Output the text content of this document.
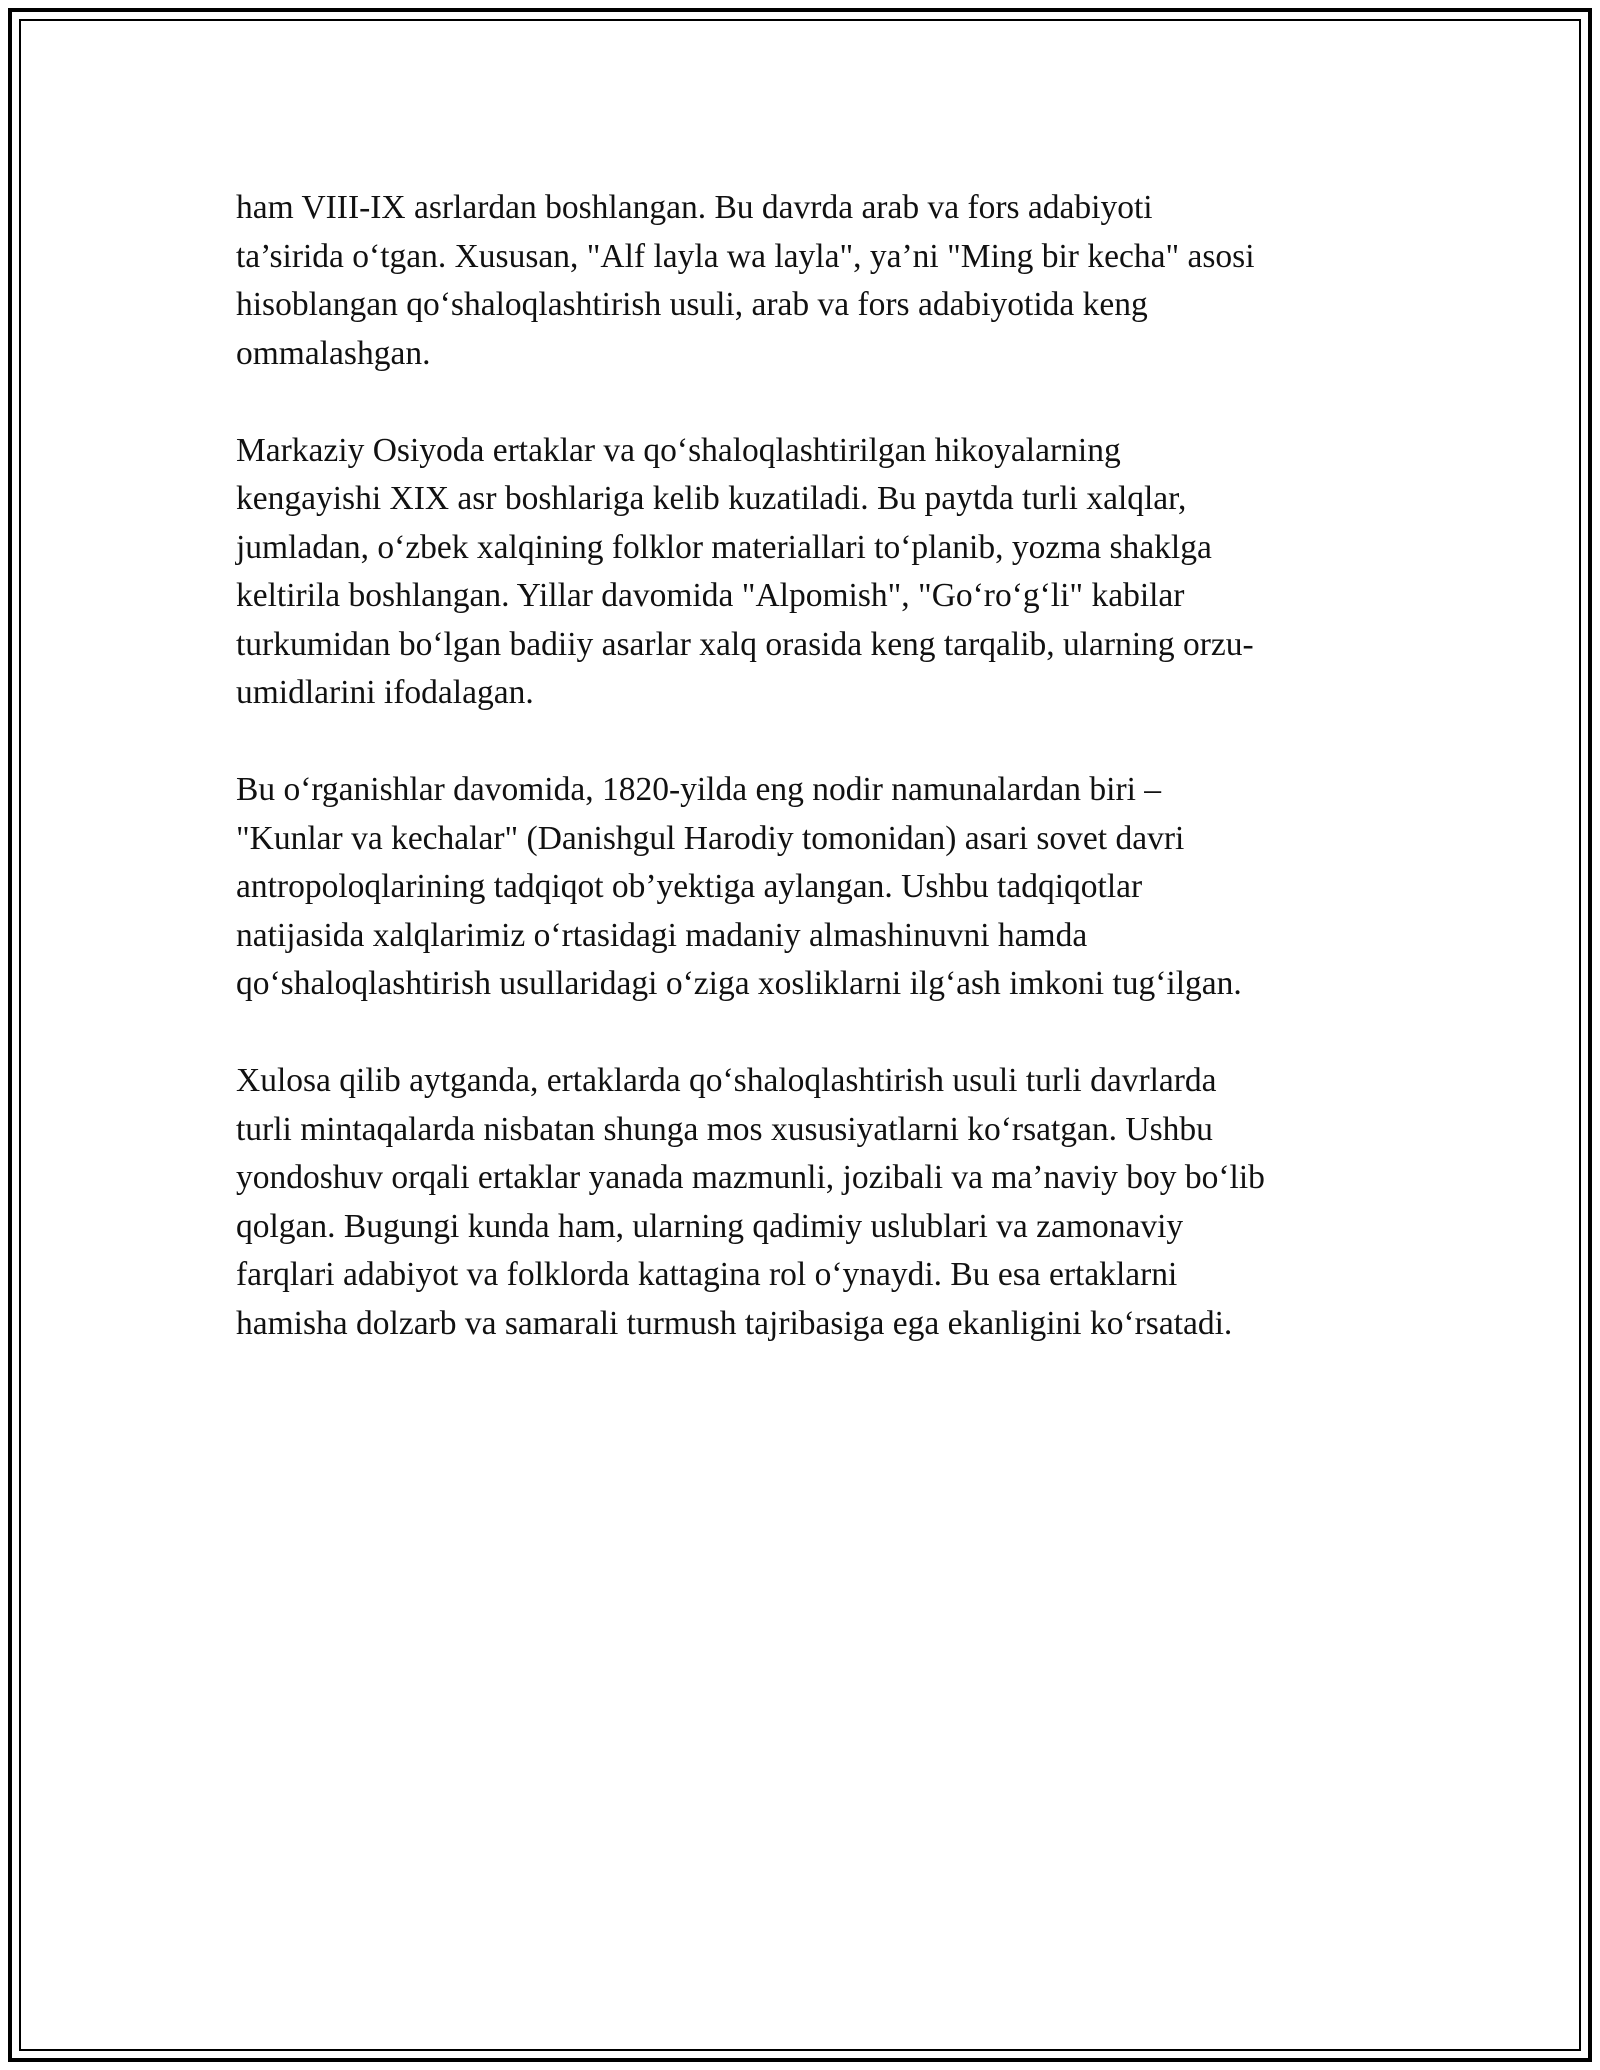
ham VIII-IX asrlardan boshlangan. Bu davrda arab va fors adabiyoti
ta’sirida o‘tgan. Xususan, "Alf layla wa layla", ya’ni "Ming bir kecha" asosi
hisoblangan qo‘shaloqlashtirish usuli, arab va fors adabiyotida keng
ommalashgan.

Markaziy Osiyoda ertaklar va qo‘shaloqlashtirilgan hikoyalarning
kengayishi XIX asr boshlariga kelib kuzatiladi. Bu paytda turli xalqlar,
jumladan, o‘zbek xalqining folklor materiallari to‘planib, yozma shaklga
keltirila boshlangan. Yillar davomida "Alpomish", "Go‘ro‘g‘li" kabilar
turkumidan bo‘lgan badiiy asarlar xalq orasida keng tarqalib, ularning orzu-
umidlarini ifodalagan.

Bu o‘rganishlar davomida, 1820-yilda eng nodir namunalardan biri –
"Kunlar va kechalar" (Danishgul Harodiy tomonidan) asari sovet davri
antropoloqlarining tadqiqot ob’yektiga aylangan. Ushbu tadqiqotlar
natijasida xalqlarimiz o‘rtasidagi madaniy almashinuvni hamda
qo‘shaloqlashtirish usullaridagi o‘ziga xosliklarni ilg‘ash imkoni tug‘ilgan.

Xulosa qilib aytganda, ertaklarda qo‘shaloqlashtirish usuli turli davrlarda
turli mintaqalarda nisbatan shunga mos xususiyatlarni ko‘rsatgan. Ushbu
yondoshuv orqali ertaklar yanada mazmunli, jozibali va ma’naviy boy bo‘lib
qolgan. Bugungi kunda ham, ularning qadimiy uslublari va zamonaviy
farqlari adabiyot va folklorda kattagina rol o‘ynaydi. Bu esa ertaklarni
hamisha dolzarb va samarali turmush tajribasiga ega ekanligini ko‘rsatadi.
